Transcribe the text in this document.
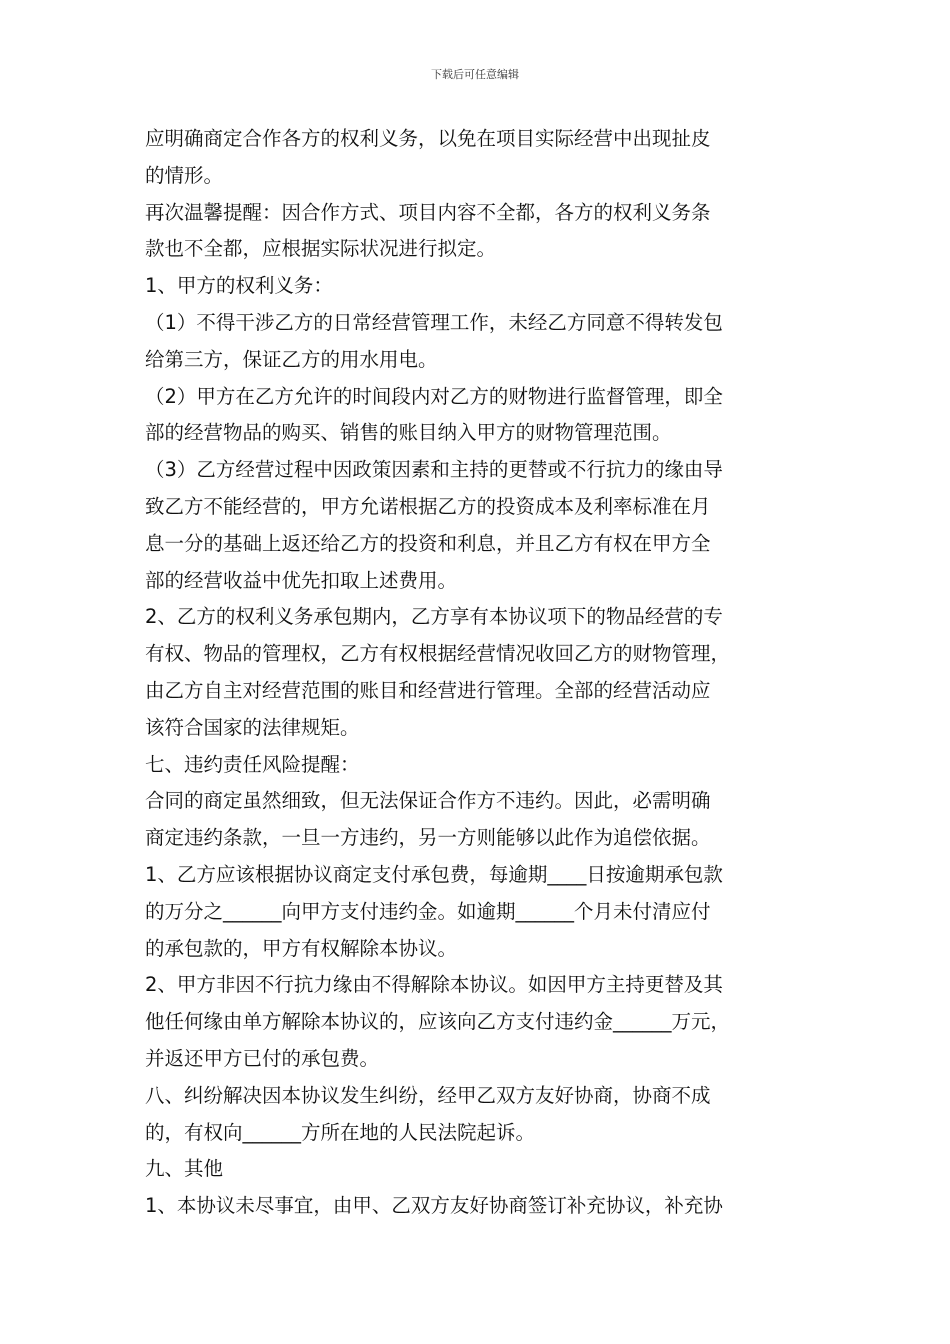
下载后可任意编辑
应明确商定合作各方的权利义务，以免在项目实际经营中出现扯皮
的情形。
再次温馨提醒：因合作方式、项目内容不全都，各方的权利义务条
款也不全都，应根据实际状况进行拟定。
1、甲方的权利义务：
（1）不得干涉乙方的日常经营管理工作，未经乙方同意不得转发包
给第三方，保证乙方的用水用电。
（2）甲方在乙方允许的时间段内对乙方的财物进行监督管理，即全
部的经营物品的购买、销售的账目纳入甲方的财物管理范围。
（3）乙方经营过程中因政策因素和主持的更替或不行抗力的缘由导
致乙方不能经营的，甲方允诺根据乙方的投资成本及利率标准在月
息一分的基础上返还给乙方的投资和利息，并且乙方有权在甲方全
部的经营收益中优先扣取上述费用。
2、乙方的权利义务承包期内，乙方享有本协议项下的物品经营的专
有权、物品的管理权，乙方有权根据经营情况收回乙方的财物管理，
由乙方自主对经营范围的账目和经营进行管理。全部的经营活动应
该符合国家的法律规矩。
七、违约责任风险提醒：
合同的商定虽然细致，但无法保证合作方不违约。因此，必需明确
商定违约条款，一旦一方违约，另一方则能够以此作为追偿依据。
1、乙方应该根据协议商定支付承包费，每逾期____日按逾期承包款
的万分之______向甲方支付违约金。如逾期______个月未付清应付
的承包款的，甲方有权解除本协议。
2、甲方非因不行抗力缘由不得解除本协议。如因甲方主持更替及其
他任何缘由单方解除本协议的，应该向乙方支付违约金______万元，
并返还甲方已付的承包费。
八、纠纷解决因本协议发生纠纷，经甲乙双方友好协商，协商不成
的，有权向______方所在地的人民法院起诉。
九、其他
1、本协议未尽事宜，由甲、乙双方友好协商签订补充协议，补充协
